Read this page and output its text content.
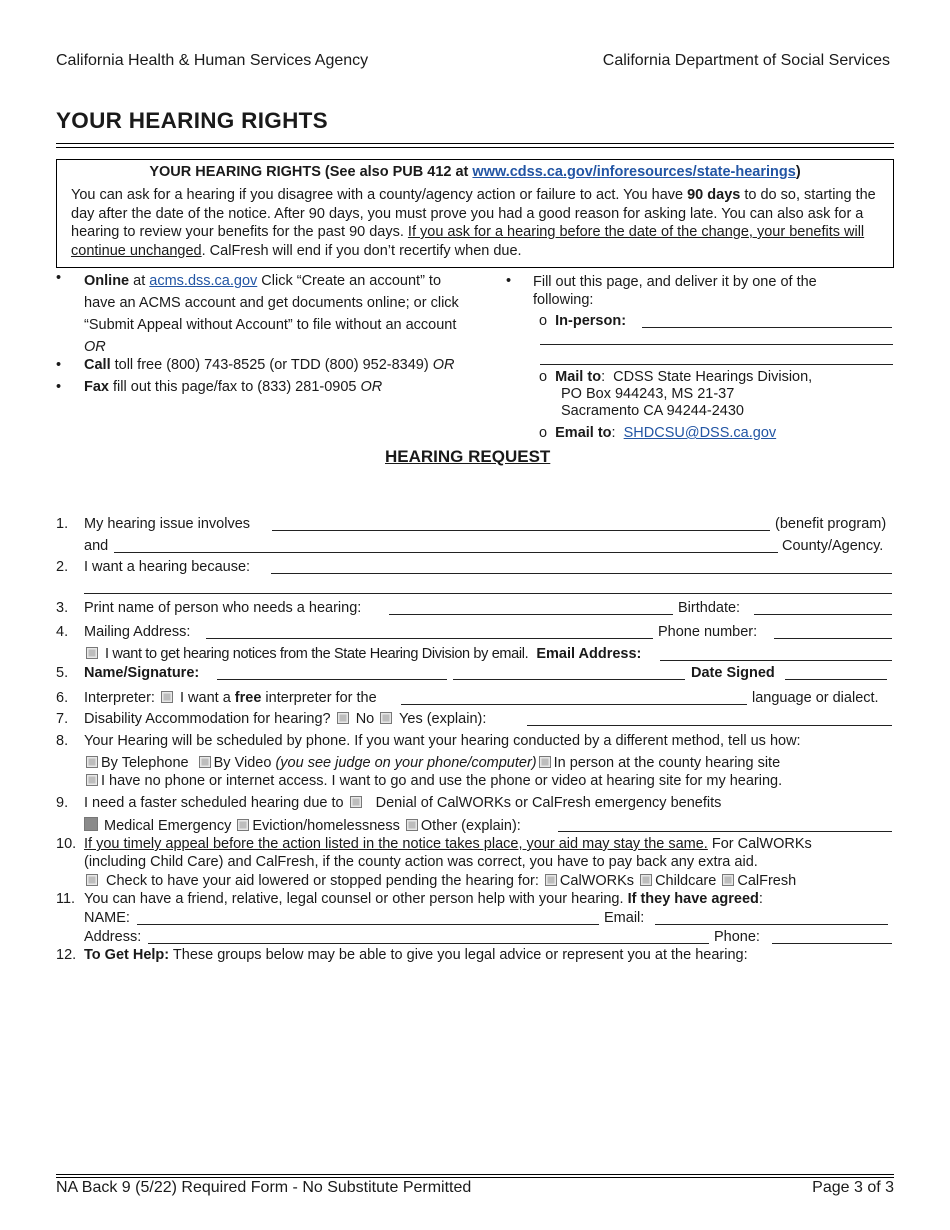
California Health & Human Services Agency	California Department of Social Services
YOUR HEARING RIGHTS
YOUR HEARING RIGHTS (See also PUB 412 at www.cdss.ca.gov/inforesources/state-hearings)
You can ask for a hearing if you disagree with a county/agency action or failure to act. You have 90 days to do so, starting the day after the date of the notice. After 90 days, you must prove you had a good reason for asking late. You can also ask for a hearing to review your benefits for the past 90 days. If you ask for a hearing before the date of the change, your benefits will continue unchanged. CalFresh will end if you don’t recertify when due.
• Online at acms.dss.ca.gov Click “Create an account” to
have an ACMS account and get documents online; or click
“Submit Appeal without Account” to file without an account
OR
• Call toll free (800) 743-8525 (or TDD (800) 952-8349) OR
• Fax fill out this page/fax to (833) 281-0905 OR
• Fill out this page, and deliver it by one of the
following:
o In-person:
o Mail to:  CDSS State Hearings Division,
PO Box 944243, MS 21-37
Sacramento CA 94244-2430
o Email to:  SHDCSU@DSS.ca.gov
HEARING REQUEST
1. My hearing issue involves	(benefit program)
and	County/Agency.
2. I want a hearing because:
3. Print name of person who needs a hearing:	Birthdate:
4. Mailing Address:	Phone number:
I want to get hearing notices from the State Hearing Division by email. Email Address:
5. Name/Signature:	Date Signed
6. Interpreter: I want a free interpreter for the	language or dialect.
7. Disability Accommodation for hearing? No Yes (explain):
8. Your Hearing will be scheduled by phone. If you want your hearing conducted by a different method, tell us how:
By Telephone By Video (you see judge on your phone/computer) In person at the county hearing site
I have no phone or internet access. I want to go and use the phone or video at hearing site for my hearing.
9. I need a faster scheduled hearing due to Denial of CalWORKs or CalFresh emergency benefits
Medical Emergency Eviction/homelessness Other (explain):
10. If you timely appeal before the action listed in the notice takes place, your aid may stay the same. For CalWORKs
(including Child Care) and CalFresh, if the county action was correct, you have to pay back any extra aid.
Check to have your aid lowered or stopped pending the hearing for: CalWORKs Childcare CalFresh
11. You can have a friend, relative, legal counsel or other person help with your hearing. If they have agreed:
NAME:	Email:
Address:	Phone:
12. To Get Help: These groups below may be able to give you legal advice or represent you at the hearing:
NA Back 9 (5/22) Required Form - No Substitute Permitted	Page 3 of 3
